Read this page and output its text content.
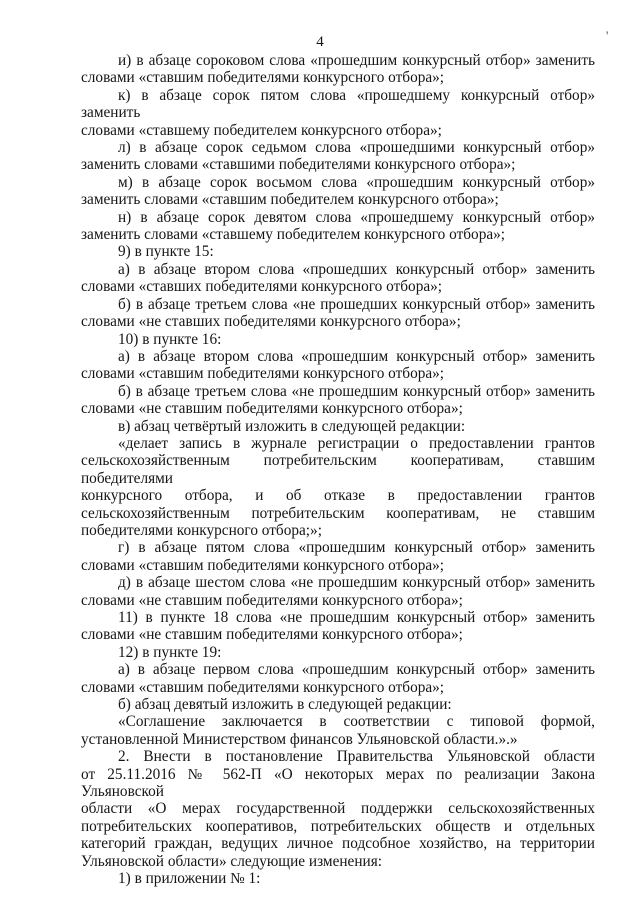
4	'
и) в абзаце сороковом слова «прошедшим конкурсный отбор» заменить
словами «ставшим победителями конкурсного отбора»;
к) в абзаце сорок пятом слова «прошедшему конкурсный отбор» заменить
словами «ставшему победителем конкурсного отбора»;
л) в абзаце сорок седьмом слова «прошедшими конкурсный отбор»
заменить словами «ставшими победителями конкурсного отбора»;
м) в абзаце сорок восьмом слова «прошедшим конкурсный отбор»
заменить словами «ставшим победителем конкурсного отбора»;
н) в абзаце сорок девятом слова «прошедшему конкурсный отбор»
заменить словами «ставшему победителем конкурсного отбора»;
9) в пункте 15:
а) в абзаце втором слова «прошедших конкурсный отбор» заменить
словами «ставших победителями конкурсного отбора»;
б) в абзаце третьем слова «не прошедших конкурсный отбор» заменить
словами «не ставших победителями конкурсного отбора»;
10) в пункте 16:
а) в абзаце втором слова «прошедшим конкурсный отбор» заменить
словами «ставшим победителями конкурсного отбора»;
б) в абзаце третьем слова «не прошедшим конкурсный отбор» заменить
словами «не ставшим победителями конкурсного отбора»;
в) абзац четвёртый изложить в следующей редакции:
«делает запись в журнале регистрации о предоставлении грантов
сельскохозяйственным потребительским кооперативам, ставшим победителями
конкурсного отбора, и об отказе в предоставлении грантов
сельскохозяйственным потребительским кооперативам, не ставшим
победителями конкурсного отбора;»;
г) в абзаце пятом слова «прошедшим конкурсный отбор» заменить
словами «ставшим победителями конкурсного отбора»;
д) в абзаце шестом слова «не прошедшим конкурсный отбор» заменить
словами «не ставшим победителями конкурсного отбора»;
11) в пункте 18 слова «не прошедшим конкурсный отбор» заменить
словами «не ставшим победителями конкурсного отбора»;
12) в пункте 19:
а) в абзаце первом слова «прошедшим конкурсный отбор» заменить
словами «ставшим победителями конкурсного отбора»;
б) абзац девятый изложить в следующей редакции:
«Соглашение заключается в соответствии с типовой формой,
установленной Министерством финансов Ульяновской области.».»
2. Внести в постановление Правительства Ульяновской области
от 25.11.2016 № 562-П «О некоторых мерах по реализации Закона Ульяновской
области «О мерах государственной поддержки сельскохозяйственных
потребительских кооперативов, потребительских обществ и отдельных
категорий граждан, ведущих личное подсобное хозяйство, на территории
Ульяновской области» следующие изменения:
1) в приложении № 1:
